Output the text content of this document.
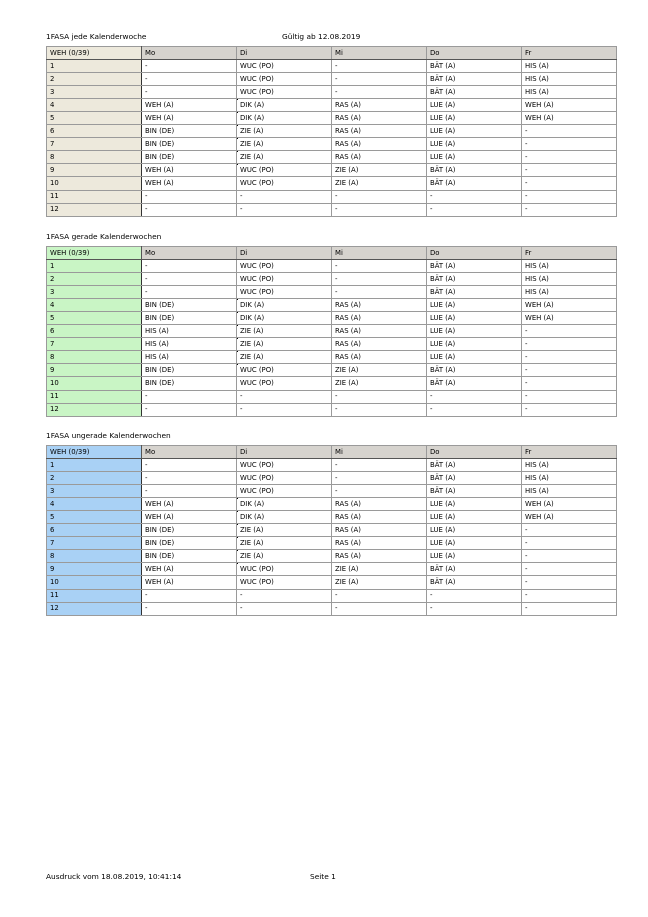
1FASA jede Kalenderwoche	Gültig ab 12.08.2019
WEH (0/39)	Mo	Di	Mi	Do	Fr
1	-	WUC (PO)	-	BÄT (A)	HIS (A)
2	-	WUC (PO)	-	BÄT (A)	HIS (A)
3	-	WUC (PO)	-	BÄT (A)	HIS (A)
4	WEH (A)	DIK (A)	RAS (A)	LUE (A)	WEH (A)
5	WEH (A)	DIK (A)	RAS (A)	LUE (A)	WEH (A)
6	BIN (DE)	ZIE (A)	RAS (A)	LUE (A)	-
7	BIN (DE)	ZIE (A)	RAS (A)	LUE (A)	-
8	BIN (DE)	ZIE (A)	RAS (A)	LUE (A)	-
9	WEH (A)	WUC (PO)	ZIE (A)	BÄT (A)	-
10	WEH (A)	WUC (PO)	ZIE (A)	BÄT (A)	-
11	-	-	-	-	-
12	-	-	-	-	-
1FASA gerade Kalenderwochen
WEH (0/39)	Mo	Di	Mi	Do	Fr
1	-	WUC (PO)	-	BÄT (A)	HIS (A)
2	-	WUC (PO)	-	BÄT (A)	HIS (A)
3	-	WUC (PO)	-	BÄT (A)	HIS (A)
4	BIN (DE)	DIK (A)	RAS (A)	LUE (A)	WEH (A)
5	BIN (DE)	DIK (A)	RAS (A)	LUE (A)	WEH (A)
6	HIS (A)	ZIE (A)	RAS (A)	LUE (A)	-
7	HIS (A)	ZIE (A)	RAS (A)	LUE (A)	-
8	HIS (A)	ZIE (A)	RAS (A)	LUE (A)	-
9	BIN (DE)	WUC (PO)	ZIE (A)	BÄT (A)	-
10	BIN (DE)	WUC (PO)	ZIE (A)	BÄT (A)	-
11	-	-	-	-	-
12	-	-	-	-	-
1FASA ungerade Kalenderwochen
WEH (0/39)	Mo	Di	Mi	Do	Fr
1	-	WUC (PO)	-	BÄT (A)	HIS (A)
2	-	WUC (PO)	-	BÄT (A)	HIS (A)
3	-	WUC (PO)	-	BÄT (A)	HIS (A)
4	WEH (A)	DIK (A)	RAS (A)	LUE (A)	WEH (A)
5	WEH (A)	DIK (A)	RAS (A)	LUE (A)	WEH (A)
6	BIN (DE)	ZIE (A)	RAS (A)	LUE (A)	-
7	BIN (DE)	ZIE (A)	RAS (A)	LUE (A)	-
8	BIN (DE)	ZIE (A)	RAS (A)	LUE (A)	-
9	WEH (A)	WUC (PO)	ZIE (A)	BÄT (A)	-
10	WEH (A)	WUC (PO)	ZIE (A)	BÄT (A)	-
11	-	-	-	-	-
12	-	-	-	-	-
Ausdruck vom 18.08.2019, 10:41:14	Seite 1
